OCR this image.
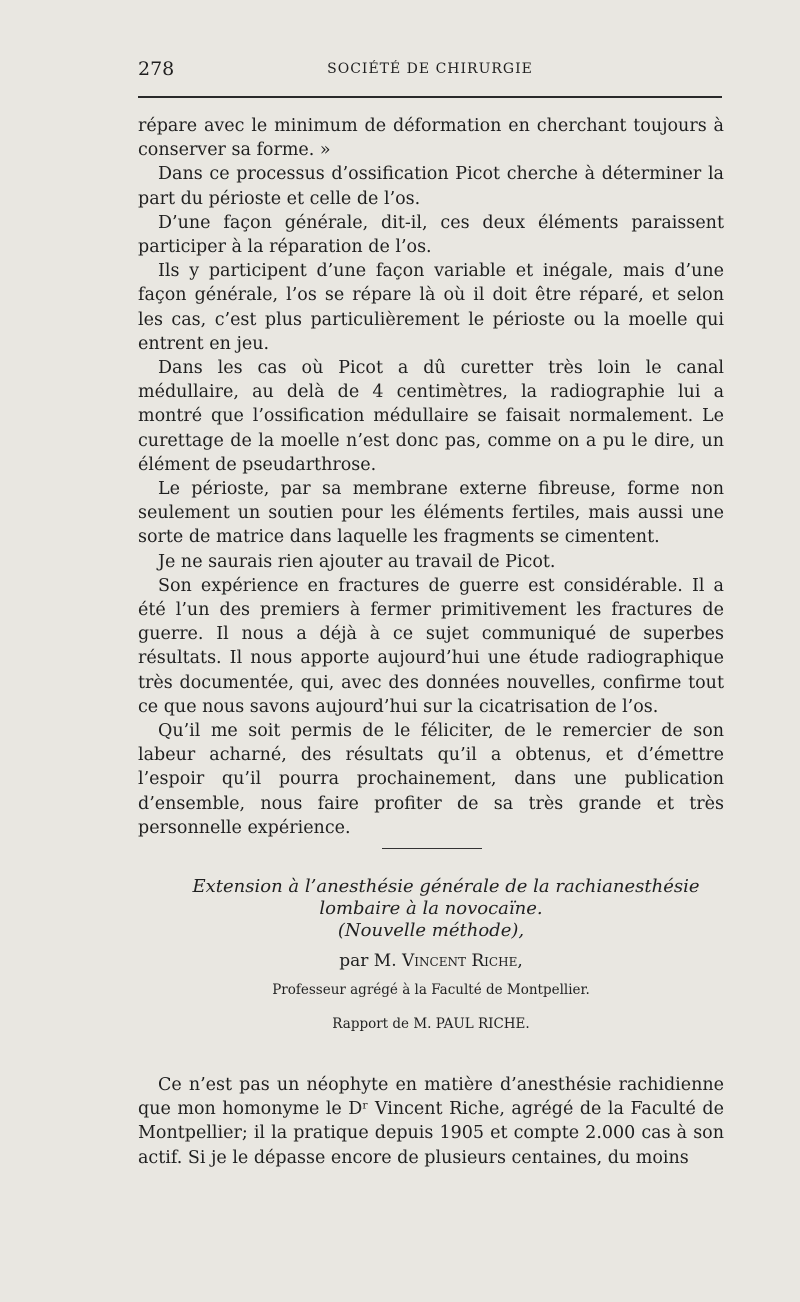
278	SOCIÉTÉ DE CHIRURGIE

répare avec le minimum de déformation en cherchant toujours à conserver sa forme. »

Dans ce processus d’ossification Picot cherche à déterminer la part du périoste et celle de l’os.

D’une façon générale, dit-il, ces deux éléments paraissent participer à la réparation de l’os.

Ils y participent d’une façon variable et inégale, mais d’une façon générale, l’os se répare là où il doit être réparé, et selon les cas, c’est plus particulièrement le périoste ou la moelle qui entrent en jeu.

Dans les cas où Picot a dû curetter très loin le canal médullaire, au delà de 4 centimètres, la radiographie lui a montré que l’ossification médullaire se faisait normalement. Le curettage de la moelle n’est donc pas, comme on a pu le dire, un élément de pseudarthrose.

Le périoste, par sa membrane externe fibreuse, forme non seulement un soutien pour les éléments fertiles, mais aussi une sorte de matrice dans laquelle les fragments se cimentent.

Je ne saurais rien ajouter au travail de Picot.

Son expérience en fractures de guerre est considérable. Il a été l’un des premiers à fermer primitivement les fractures de guerre. Il nous a déjà à ce sujet communiqué de superbes résultats. Il nous apporte aujourd’hui une étude radiographique très documentée, qui, avec des données nouvelles, confirme tout ce que nous savons aujourd’hui sur la cicatrisation de l’os.

Qu’il me soit permis de le féliciter, de le remercier de son labeur acharné, des résultats qu’il a obtenus, et d’émettre l’espoir qu’il pourra prochainement, dans une publication d’ensemble, nous faire profiter de sa très grande et très personnelle expérience.

Extension à l’anesthésie générale de la rachianesthésie
lombaire à la novocaïne.
(Nouvelle méthode),
par M. Vincent Riche,
Professeur agrégé à la Faculté de Montpellier.
Rapport de M. PAUL RICHE.

Ce n’est pas un néophyte en matière d’anesthésie rachidienne que mon homonyme le Dʳ Vincent Riche, agrégé de la Faculté de Montpellier; il la pratique depuis 1905 et compte 2.000 cas à son actif. Si je le dépasse encore de plusieurs centaines, du moins
